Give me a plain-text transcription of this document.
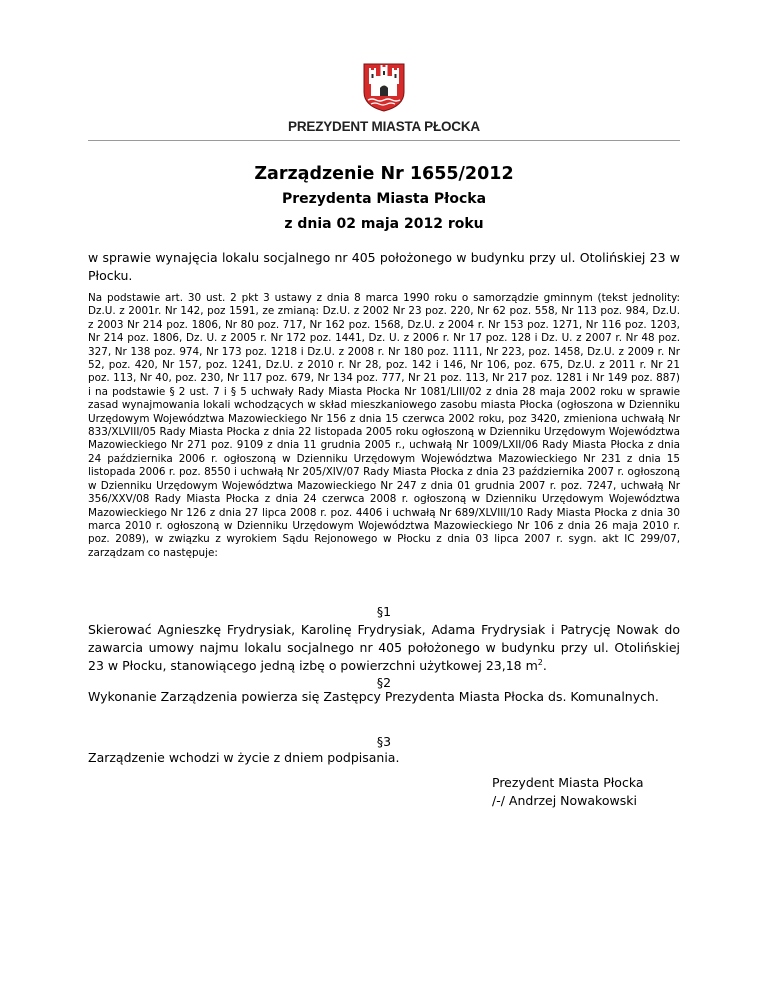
PREZYDENT MIASTA PŁOCKA
Zarządzenie Nr 1655/2012
Prezydenta Miasta Płocka
z dnia 02 maja 2012 roku
w sprawie wynajęcia lokalu socjalnego nr 405 położonego w budynku przy ul. Otolińskiej 23 w Płocku.
Na podstawie art. 30 ust. 2 pkt 3 ustawy z dnia 8 marca 1990 roku o samorządzie gminnym (tekst jednolity: Dz.U. z 2001r. Nr 142, poz 1591, ze zmianą: Dz.U. z 2002 Nr 23 poz. 220, Nr 62 poz. 558, Nr 113 poz. 984, Dz.U. z 2003 Nr 214 poz. 1806, Nr 80 poz. 717, Nr 162 poz. 1568, Dz.U. z 2004 r. Nr 153 poz. 1271, Nr 116 poz. 1203, Nr 214 poz. 1806, Dz. U. z 2005 r. Nr 172 poz. 1441, Dz. U. z 2006 r. Nr 17 poz. 128 i Dz. U. z 2007 r. Nr 48 poz. 327, Nr 138 poz. 974, Nr 173 poz. 1218 i Dz.U. z 2008 r. Nr 180 poz. 1111, Nr 223, poz. 1458, Dz.U. z 2009 r. Nr 52, poz. 420, Nr 157, poz. 1241, Dz.U. z 2010 r. Nr 28, poz. 142 i 146, Nr 106, poz. 675, Dz.U. z 2011 r. Nr 21 poz. 113, Nr 40, poz. 230, Nr 117 poz. 679, Nr 134 poz. 777, Nr 21 poz. 113, Nr 217 poz. 1281 i Nr 149 poz. 887) i na podstawie § 2 ust. 7 i § 5 uchwały Rady Miasta Płocka Nr 1081/LIII/02 z dnia 28 maja 2002 roku w sprawie zasad wynajmowania lokali wchodzących w skład mieszkaniowego zasobu miasta Płocka (ogłoszona w Dzienniku Urzędowym Województwa Mazowieckiego Nr 156 z dnia 15 czerwca 2002 roku, poz 3420, zmieniona uchwałą Nr 833/XLVIII/05 Rady Miasta Płocka z dnia 22 listopada 2005 roku ogłoszoną w Dzienniku Urzędowym Województwa Mazowieckiego Nr 271 poz. 9109 z dnia 11 grudnia 2005 r., uchwałą Nr 1009/LXII/06 Rady Miasta Płocka z dnia 24 października 2006 r. ogłoszoną w Dzienniku Urzędowym Województwa Mazowieckiego Nr 231 z dnia 15 listopada 2006 r. poz. 8550 i uchwałą Nr 205/XIV/07 Rady Miasta Płocka z dnia 23 października 2007 r. ogłoszoną w Dzienniku Urzędowym Województwa Mazowieckiego Nr 247 z dnia 01 grudnia 2007 r. poz. 7247, uchwałą Nr 356/XXV/08 Rady Miasta Płocka z dnia 24 czerwca 2008 r. ogłoszoną w Dzienniku Urzędowym Województwa Mazowieckiego Nr 126 z dnia 27 lipca 2008 r. poz. 4406 i uchwałą Nr 689/XLVIII/10 Rady Miasta Płocka z dnia 30 marca 2010 r. ogłoszoną w Dzienniku Urzędowym Województwa Mazowieckiego Nr 106 z dnia 26 maja 2010 r. poz. 2089), w związku z wyrokiem Sądu Rejonowego w Płocku z dnia 03 lipca 2007 r. sygn. akt IC 299/07, zarządzam co następuje:
§1
Skierować Agnieszkę Frydrysiak, Karolinę Frydrysiak, Adama Frydrysiak i Patrycję Nowak do zawarcia umowy najmu lokalu socjalnego nr 405 położonego w budynku przy ul. Otolińskiej 23 w Płocku, stanowiącego jedną izbę o powierzchni użytkowej 23,18 $m^2$.
§2
Wykonanie Zarządzenia powierza się Zastępcy Prezydenta Miasta Płocka ds. Komunalnych.
§3
Zarządzenie wchodzi w życie z dniem podpisania.
Prezydent Miasta Płocka
/-/ Andrzej Nowakowski
